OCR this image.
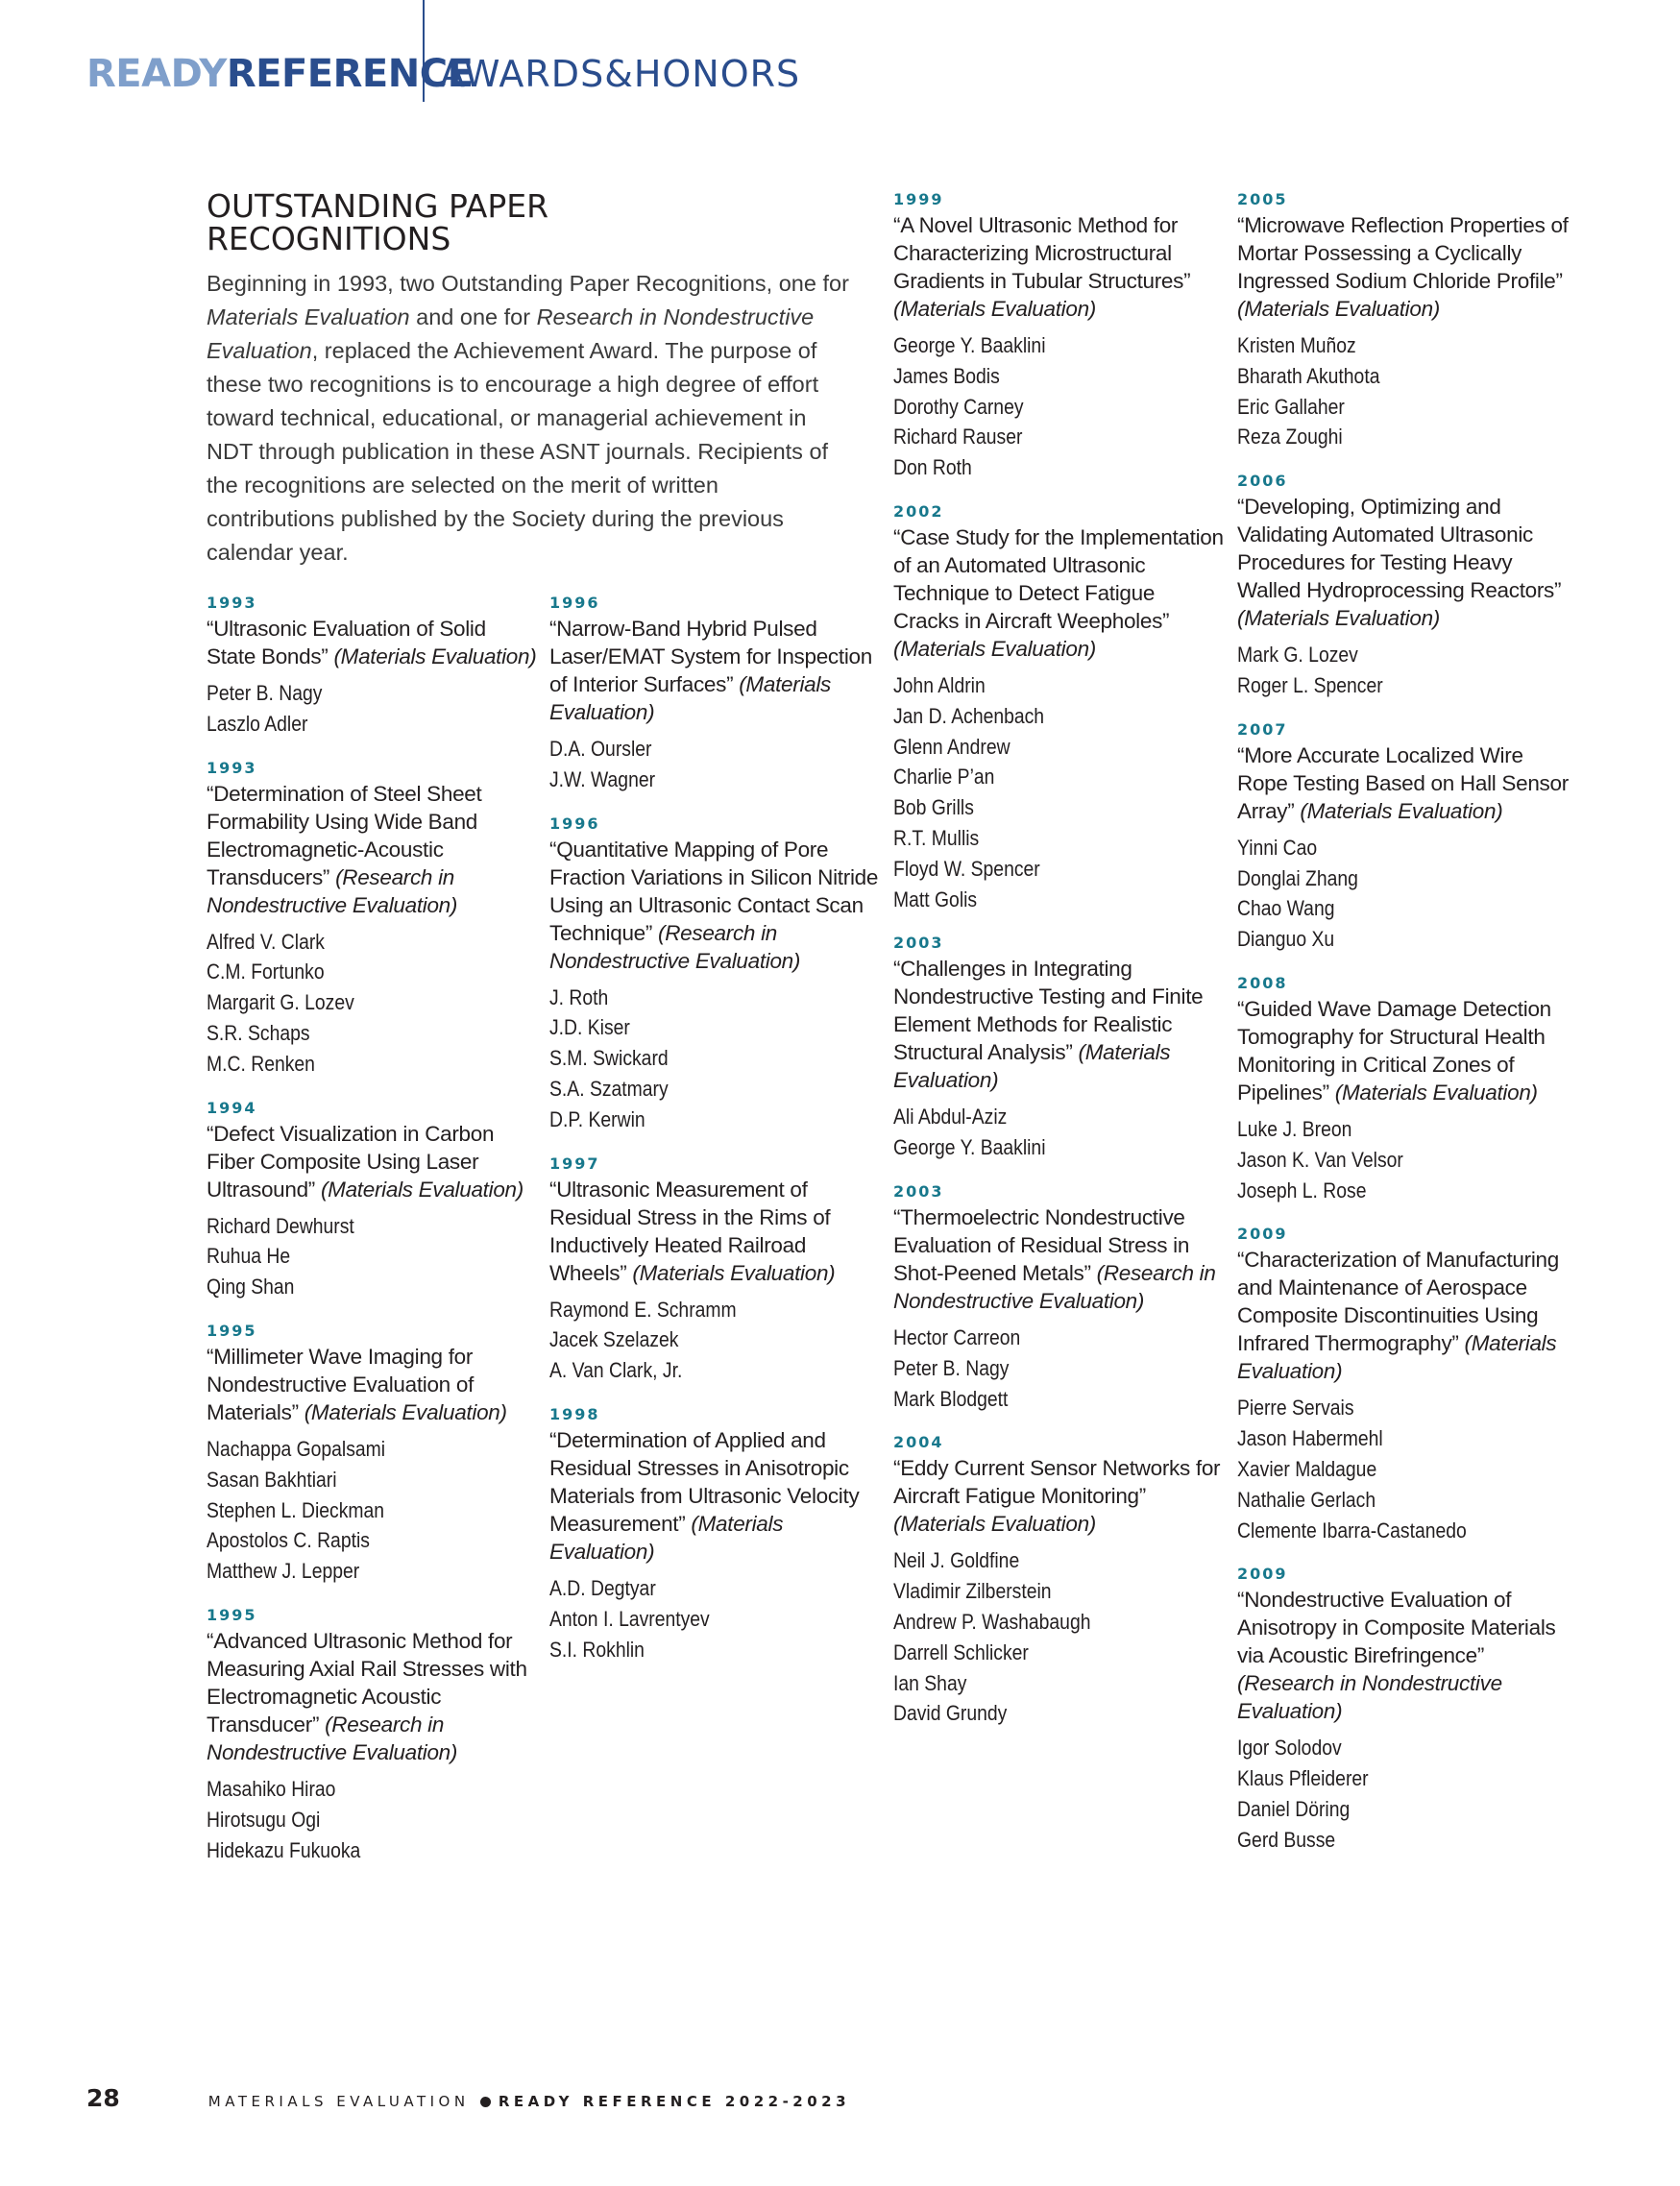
READY REFERENCE
AWARDS&HONORS
OUTSTANDING PAPER
RECOGNITIONS

Beginning in 1993, two Outstanding Paper Recognitions, one for Materials Evaluation and one for Research in Nondestructive Evaluation, replaced the Achievement Award. The purpose of these two recognitions is to encourage a high degree of effort toward technical, educational, or managerial achievement in NDT through publication in these ASNT journals. Recipients of the recognitions are selected on the merit of written contributions published by the Society during the previous calendar year.

1993
“Ultrasonic Evaluation of Solid State Bonds” (Materials Evaluation)
Peter B. Nagy
Laszlo Adler
1993
“Determination of Steel Sheet Formability Using Wide Band Electromagnetic-Acoustic Transducers” (Research in Nondestructive Evaluation)
Alfred V. Clark
C.M. Fortunko
Margarit G. Lozev
S.R. Schaps
M.C. Renken
1994
“Defect Visualization in Carbon Fiber Composite Using Laser Ultrasound” (Materials Evaluation)
Richard Dewhurst
Ruhua He
Qing Shan
1995
“Millimeter Wave Imaging for Nondestructive Evaluation of Materials” (Materials Evaluation)
Nachappa Gopalsami
Sasan Bakhtiari
Stephen L. Dieckman
Apostolos C. Raptis
Matthew J. Lepper
1995
“Advanced Ultrasonic Method for Measuring Axial Rail Stresses with Electromagnetic Acoustic Transducer” (Research in Nondestructive Evaluation)
Masahiko Hirao
Hirotsugu Ogi
Hidekazu Fukuoka
1996
“Narrow-Band Hybrid Pulsed Laser/EMAT System for Inspection of Interior Surfaces” (Materials Evaluation)
D.A. Oursler
J.W. Wagner
1996
“Quantitative Mapping of Pore Fraction Variations in Silicon Nitride Using an Ultrasonic Contact Scan Technique” (Research in Nondestructive Evaluation)
J. Roth
J.D. Kiser
S.M. Swickard
S.A. Szatmary
D.P. Kerwin
1997
“Ultrasonic Measurement of Residual Stress in the Rims of Inductively Heated Railroad Wheels” (Materials Evaluation)
Raymond E. Schramm
Jacek Szelazek
A. Van Clark, Jr.
1998
“Determination of Applied and Residual Stresses in Anisotropic Materials from Ultrasonic Velocity Measurement” (Materials Evaluation)
A.D. Degtyar
Anton I. Lavrentyev
S.I. Rokhlin
1999
“A Novel Ultrasonic Method for Characterizing Microstructural Gradients in Tubular Structures” (Materials Evaluation)
George Y. Baaklini
James Bodis
Dorothy Carney
Richard Rauser
Don Roth
2002
“Case Study for the Implementation of an Automated Ultrasonic Technique to Detect Fatigue Cracks in Aircraft Weepholes” (Materials Evaluation)
John Aldrin
Jan D. Achenbach
Glenn Andrew
Charlie P’an
Bob Grills
R.T. Mullis
Floyd W. Spencer
Matt Golis
2003
“Challenges in Integrating Nondestructive Testing and Finite Element Methods for Realistic Structural Analysis” (Materials Evaluation)
Ali Abdul-Aziz
George Y. Baaklini
2003
“Thermoelectric Nondestructive Evaluation of Residual Stress in Shot-Peened Metals” (Research in Nondestructive Evaluation)
Hector Carreon
Peter B. Nagy
Mark Blodgett
2004
“Eddy Current Sensor Networks for Aircraft Fatigue Monitoring” (Materials Evaluation)
Neil J. Goldfine
Vladimir Zilberstein
Andrew P. Washabaugh
Darrell Schlicker
Ian Shay
David Grundy
2005
“Microwave Reflection Properties of Mortar Possessing a Cyclically Ingressed Sodium Chloride Profile” (Materials Evaluation)
Kristen Muñoz
Bharath Akuthota
Eric Gallaher
Reza Zoughi
2006
“Developing, Optimizing and Validating Automated Ultrasonic Procedures for Testing Heavy Walled Hydroprocessing Reactors” (Materials Evaluation)
Mark G. Lozev
Roger L. Spencer
2007
“More Accurate Localized Wire Rope Testing Based on Hall Sensor Array” (Materials Evaluation)
Yinni Cao
Donglai Zhang
Chao Wang
Dianguo Xu
2008
“Guided Wave Damage Detection Tomography for Structural Health Monitoring in Critical Zones of Pipelines” (Materials Evaluation)
Luke J. Breon
Jason K. Van Velsor
Joseph L. Rose
2009
“Characterization of Manufacturing and Maintenance of Aerospace Composite Discontinuities Using Infrared Thermography” (Materials Evaluation)
Pierre Servais
Jason Habermehl
Xavier Maldague
Nathalie Gerlach
Clemente Ibarra-Castanedo
2009
“Nondestructive Evaluation of Anisotropy in Composite Materials via Acoustic Birefringence” (Research in Nondestructive Evaluation)
Igor Solodov
Klaus Pfleiderer
Daniel Döring
Gerd Busse
28	MATERIALS EVALUATION READY REFERENCE 2022-2023
